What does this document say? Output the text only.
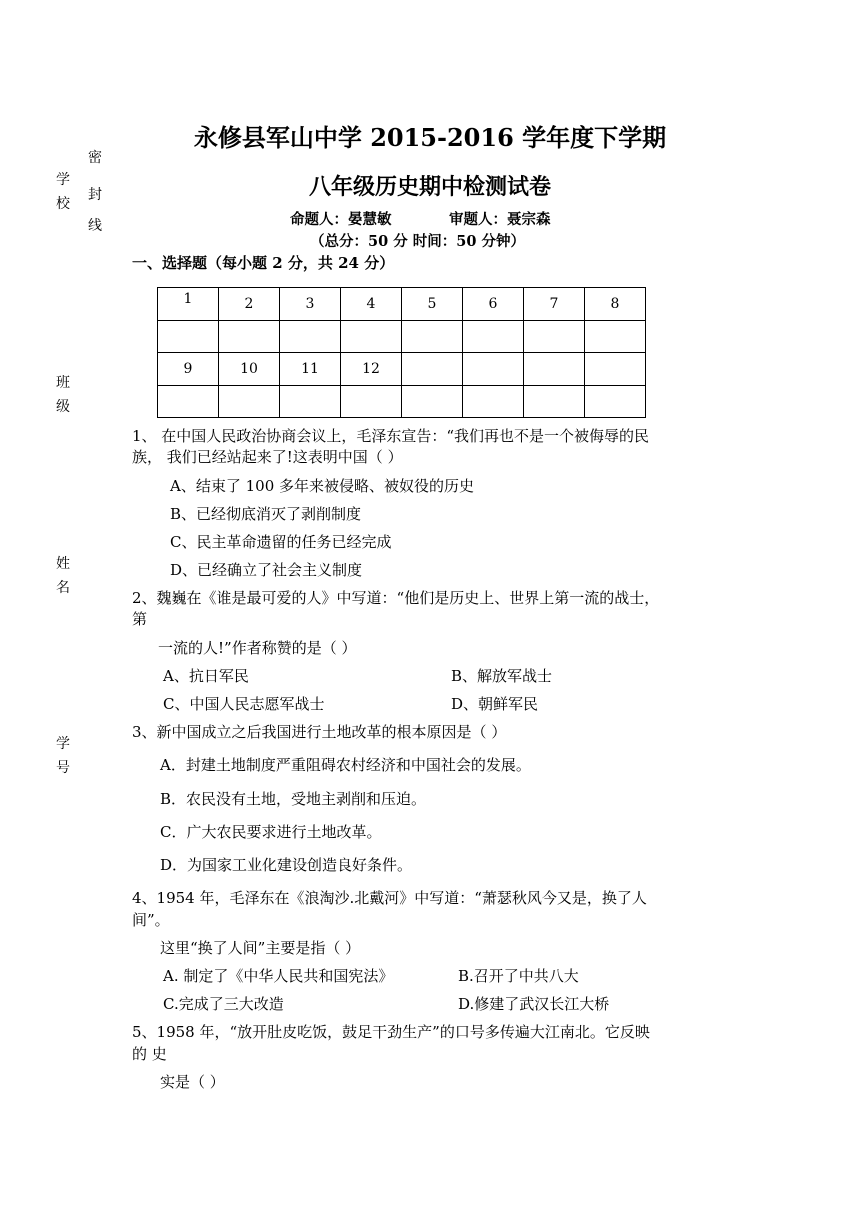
密
封
线
学
校
班
级
姓
名
学
号
永修县军山中学 2015-2016 学年度下学期
八年级历史期中检测试卷
命题人：晏慧敏	审题人：聂宗森
（总分：50 分 时间：50 分钟）
一、选择题（每小题 2 分，共 24 分）
1	2	3	4	5	6	7	8

9	10	11	12				

1、 在中国人民政治协商会议上，毛泽东宣告：“我们再也不是一个被侮辱的民
族， 我们已经站起来了!这表明中国（ ）
A、结束了 100 多年来被侵略、被奴役的历史
B、已经彻底消灭了剥削制度
C、民主革命遗留的任务已经完成
D、已经确立了社会主义制度
2、魏巍在《谁是最可爱的人》中写道：“他们是历史上、世界上第一流的战士，
第
一流的人!”作者称赞的是（ ）
A、抗日军民	B、解放军战士
C、中国人民志愿军战士	D、朝鲜军民
3、新中国成立之后我国进行土地改革的根本原因是（ ）
A．封建土地制度严重阻碍农村经济和中国社会的发展。
B．农民没有土地，受地主剥削和压迫。
C．广大农民要求进行土地改革。
D．为国家工业化建设创造良好条件。
4、1954 年，毛泽东在《浪淘沙.北戴河》中写道：“萧瑟秋风今又是，换了人
间”。
这里“换了人间”主要是指（ ）
A. 制定了《中华人民共和国宪法》	B.召开了中共八大
C.完成了三大改造	D.修建了武汉长江大桥
5、1958 年，“放开肚皮吃饭，鼓足干劲生产”的口号多传遍大江南北。它反映
的 史
实是（ ）
